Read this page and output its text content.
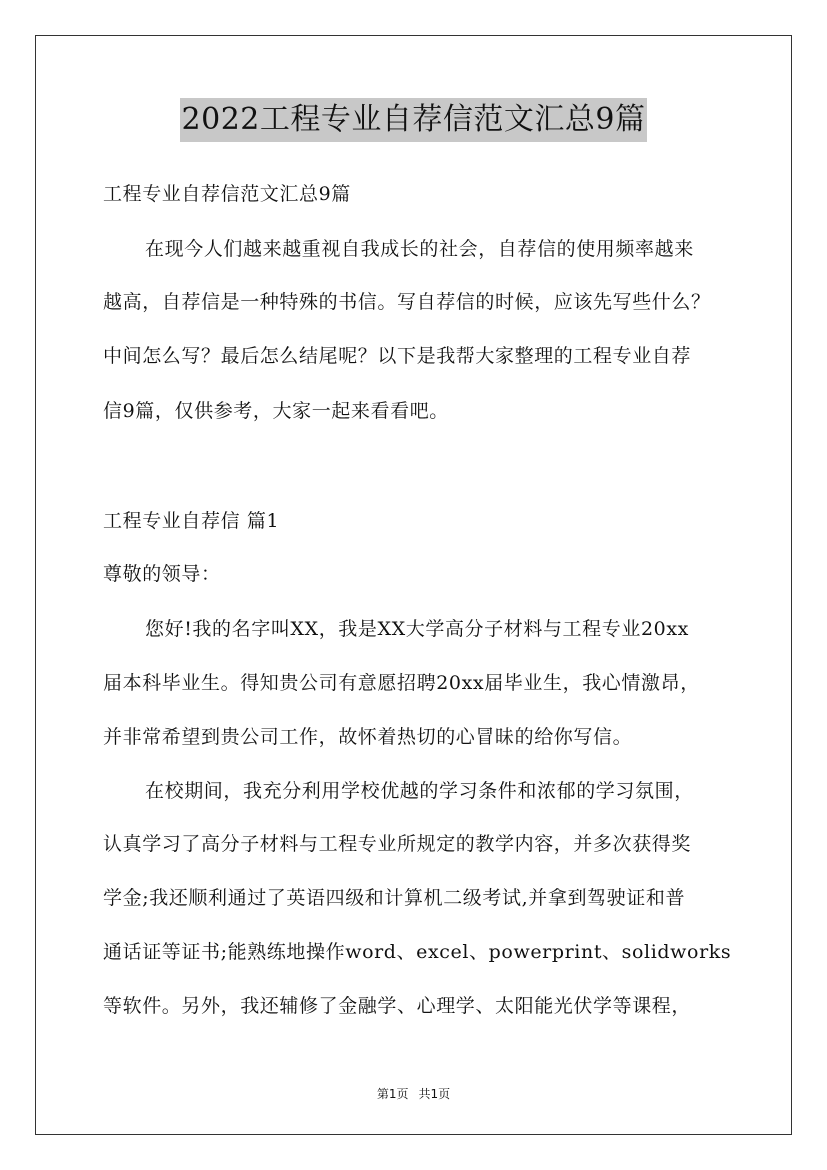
2022工程专业自荐信范文汇总9篇
工程专业自荐信范文汇总9篇
在现今人们越来越重视自我成长的社会，自荐信的使用频率越来
越高，自荐信是一种特殊的书信。写自荐信的时候，应该先写些什么？
中间怎么写？最后怎么结尾呢？以下是我帮大家整理的工程专业自荐
信9篇，仅供参考，大家一起来看看吧。
工程专业自荐信 篇1
尊敬的领导：
您好!我的名字叫XX，我是XX大学高分子材料与工程专业20xx
届本科毕业生。得知贵公司有意愿招聘20xx届毕业生，我心情激昂，
并非常希望到贵公司工作，故怀着热切的心冒昧的给你写信。
在校期间，我充分利用学校优越的学习条件和浓郁的学习氛围，
认真学习了高分子材料与工程专业所规定的教学内容，并多次获得奖
学金;我还顺利通过了英语四级和计算机二级考试,并拿到驾驶证和普
通话证等证书;能熟练地操作word、excel、powerprint、solidworks
等软件。另外，我还辅修了金融学、心理学、太阳能光伏学等课程，
第1页 共1页
